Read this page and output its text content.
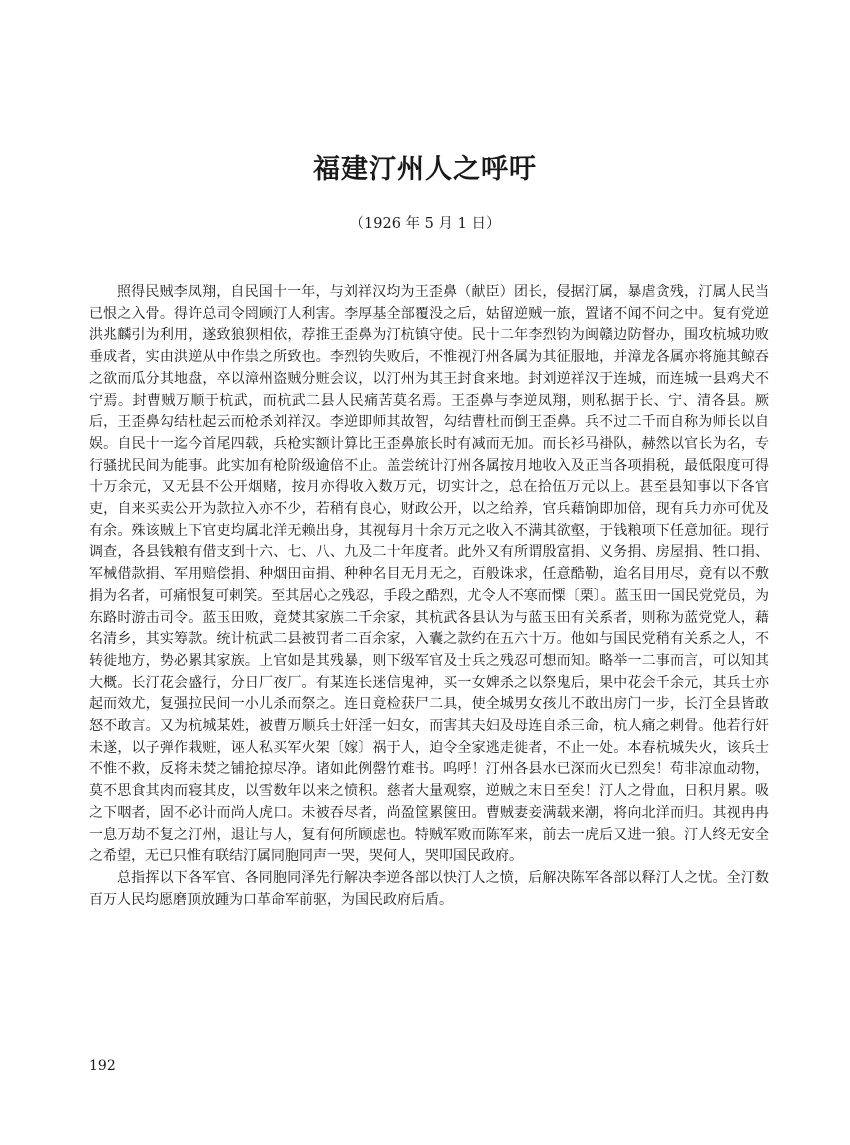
福建汀州人之呼吁

（1926 年 5 月 1 日）

照得民贼李凤翔，自民国十一年，与刘祥汉均为王歪鼻（献臣）团长，侵据汀属，暴虐贪残，汀属人民当已恨之入骨。得许总司令罔顾汀人利害。李厚基全部覆没之后，姑留逆贼一旅，置诸不闻不问之中。复有党逆洪兆麟引为利用，遂致狼狈相依，荐推王歪鼻为汀杭镇守使。民十二年李烈钧为闽赣边防督办，围攻杭城功败垂成者，实由洪逆从中作祟之所致也。李烈钧失败后，不惟视汀州各属为其征服地，并漳龙各属亦将施其鲸吞之欲而瓜分其地盘，卒以漳州盗贼分赃会议，以汀州为其王封食来地。封刘逆祥汉于连城，而连城一县鸡犬不宁焉。封曹贼万顺于杭武，而杭武二县人民痛苦莫名焉。王歪鼻与李逆凤翔，则私据于长、宁、清各县。厥后，王歪鼻勾结杜起云而枪杀刘祥汉。李逆即师其故智，勾结曹杜而倒王歪鼻。兵不过二千而自称为师长以自娱。自民十一迄今首尾四载，兵枪实额计算比王歪鼻旅长时有减而无加。而长衫马褂队，赫然以官长为名，专行骚扰民间为能事。此实加有枪阶级逾倍不止。盖尝统计汀州各属按月地收入及正当各项捐税，最低限度可得十万余元，又无县不公开烟赌，按月亦得收入数万元，切实计之，总在拾伍万元以上。甚至县知事以下各官吏，自来买卖公开为款拉入亦不少，若稍有良心，财政公开，以之给养，官兵藉饷即加倍，现有兵力亦可优及有余。殊该贼上下官吏均属北洋无赖出身，其视每月十余万元之收入不满其欲壑，于钱粮项下任意加征。现行调查，各县钱粮有借支到十六、七、八、九及二十年度者。此外又有所谓殷富捐、义务捐、房屋捐、牲口捐、军械借款捐、军用赔偿捐、种烟田亩捐、种种名目无月无之，百般诛求，任意酷勒，迨名目用尽，竟有以不敷捐为名者，可痛恨复可剌笑。至其居心之残忍，手段之酷烈，尤令人不寒而慄〔栗〕。蓝玉田一国民党党员，为东路时游击司令。蓝玉田败，竟焚其家族二千余家，其杭武各县认为与蓝玉田有关系者，则称为蓝党党人，藉名清乡，其实筹款。统计杭武二县被罚者二百余家，入囊之款约在五六十万。他如与国民党稍有关系之人，不转徙地方，势必累其家族。上官如是其残暴，则下级军官及士兵之残忍可想而知。略举一二事而言，可以知其大概。长汀花会盛行，分日厂夜厂。有某连长迷信鬼神，买一女婢杀之以祭鬼后，果中花会千余元，其兵士亦起而效尤，复强拉民间一小儿杀而祭之。连日竟检获尸二具，使全城男女孩儿不敢出房门一步，长汀全县皆敢怒不敢言。又为杭城某姓，被曹万顺兵士奸淫一妇女，而害其夫妇及母连自杀三命，杭人痛之剌骨。他若行奸未遂，以子弹作栽赃，诬人私买军火架〔嫁〕祸于人，迫令全家逃走徙者，不止一处。本春杭城失火，该兵士不惟不救，反将未焚之铺抢掠尽净。诸如此例罄竹难书。呜呼！汀州各县水已深而火已烈矣！苟非凉血动物，莫不思食其肉而寝其皮，以雪数年以来之愤积。慈者大量观察，逆贼之末日至矣！汀人之骨血，日积月累。吸之下咽者，固不必计而尚人虎口。未被吞尽者，尚盈筐累箧田。曹贼妻妾满载来潮，将向北洋而归。其视冉冉一息万劫不复之汀州，退让与人，复有何所顾虑也。特贼军败而陈军来，前去一虎后又进一狼。汀人终无安全之希望，无已只惟有联结汀属同胞同声一哭，哭何人，哭叩国民政府。

总指挥以下各军官、各同胞同泽先行解决李逆各部以快汀人之愤，后解决陈军各部以释汀人之忧。全汀数百万人民均愿磨顶放踵为口革命军前驱，为国民政府后盾。

192
